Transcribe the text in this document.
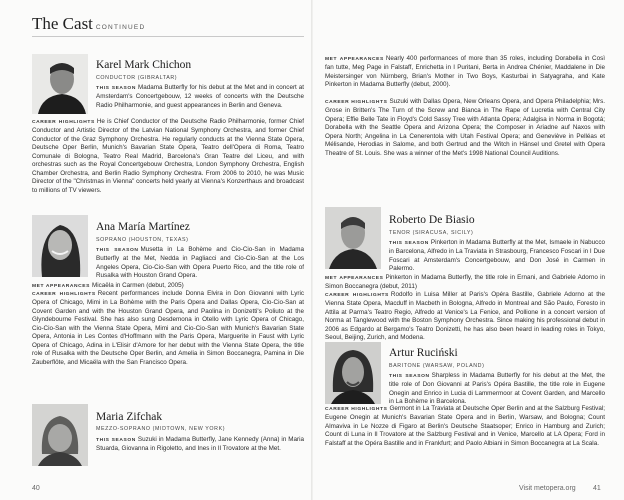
The Cast CONTINUED
Karel Mark Chichon
CONDUCTOR (GIBRALTAR)
THIS SEASON Madama Butterfly for his debut at the Met and in concert at Amsterdam's Concertgebouw, 12 weeks of concerts with the Deutsche Radio Philharmonie, and guest appearances in Berlin and Geneva.
CAREER HIGHLIGHTS He is Chief Conductor of the Deutsche Radio Philharmonie, former Chief Conductor and Artistic Director of the Latvian National Symphony Orchestra, and former Chief Conductor of the Graz Symphony Orchestra. He regularly conducts at the Vienna State Opera, Deutsche Oper Berlin, Munich's Bavarian State Opera, Teatro dell'Opera di Roma, Teatro Comunale di Bologna, Teatro Real Madrid, Barcelona's Gran Teatre del Liceu, and with orchestras such as the Royal Concertgebouw Orchestra, London Symphony Orchestra, English Chamber Orchestra, and Berlin Radio Symphony Orchestra. From 2006 to 2010, he was Music Director of the "Christmas in Vienna" concerts held yearly at Vienna's Konzerthaus and broadcast to millions of TV viewers.
Ana María Martínez
SOPRANO (HOUSTON, TEXAS)
THIS SEASON Musetta in La Bohème and Cio-Cio-San in Madama Butterfly at the Met, Nedda in Pagliacci and Cio-Cio-San at the Los Angeles Opera, Cio-Cio-San with Opera Puerto Rico, and the title role of Rusalka with Houston Grand Opera.
MET APPEARANCES Micaëla in Carmen (debut, 2005)
CAREER HIGHLIGHTS Recent performances include Donna Elvira in Don Giovanni with Lyric Opera of Chicago, Mimi in La Bohème with the Paris Opera and Dallas Opera, Cio-Cio-San at Covent Garden and with the Houston Grand Opera, and Paolina in Donizetti's Poliuto at the Glyndebourne Festival. She has also sung Desdemona in Otello with Lyric Opera of Chicago, Cio-Cio-San with the Vienna State Opera, Mimi and Cio-Cio-San with Munich's Bavarian State Opera, Antonia in Les Contes d'Hoffmann with the Paris Opera, Marguerite in Faust with Lyric Opera of Chicago, Adina in L'Elisir d'Amore for her debut with the Vienna State Opera, the title role of Rusalka with the Deutsche Oper Berlin, and Amelia in Simon Boccanegra, Pamina in Die Zauberflöte, and Micaëla with the San Francisco Opera.
Maria Zifchak
MEZZO-SOPRANO (MIDTOWN, NEW YORK)
THIS SEASON Suzuki in Madama Butterfly, Jane Kennedy (Anna) in Maria Stuarda, Giovanna in Rigoletto, and Ines in Il Trovatore at the Met.
40
MET APPEARANCES Nearly 400 performances of more than 35 roles, including Dorabella in Così fan tutte, Meg Page in Falstaff, Enrichetta in I Puritani, Berta in Andrea Chénier, Maddalene in Die Meistersinger von Nürnberg, Brian's Mother in Two Boys, Kasturbai in Satyagraha, and Kate Pinkerton in Madama Butterfly (debut, 2000).
CAREER HIGHLIGHTS Suzuki with Dallas Opera, New Orleans Opera, and Opera Philadelphia; Mrs. Grose in Britten's The Turn of the Screw and Bianca in The Rape of Lucretia with Central City Opera; Effie Belle Tate in Floyd's Cold Sassy Tree with Atlanta Opera; Adalgisa in Norma in Bogotá; Dorabella with the Seattle Opera and Arizona Opera; the Composer in Ariadne auf Naxos with Opera North; Angelina in La Cenerentola with Utah Festival Opera; and Geneviève in Pelléas et Mélisande, Herodias in Salome, and both Gertrud and the Witch in Hänsel und Gretel with Opera Theatre of St. Louis. She was a winner of the Met's 1998 National Council Auditions.
Roberto De Biasio
TENOR (SIRACUSA, SICILY)
THIS SEASON Pinkerton in Madama Butterfly at the Met, Ismaele in Nabucco in Barcelona, Alfredo in La Traviata in Strasbourg, Francesco Foscari in I Due Foscari at Amsterdam's Concertgebouw, and Don José in Carmen in Palermo.
MET APPEARANCES Pinkerton in Madama Butterfly, the title role in Ernani, and Gabriele Adorno in Simon Boccanegra (debut, 2011)
CAREER HIGHLIGHTS Rodolfo in Luisa Miller at Paris's Opéra Bastille, Gabriele Adorno at the Vienna State Opera, Macduff in Macbeth in Bologna, Alfredo in Montreal and São Paulo, Foresto in Attila at Parma's Teatro Regio, Alfredo at Venice's La Fenice, and Pollione in a concert version of Norma at Tanglewood with the Boston Symphony Orchestra. Since making his professional debut in 2006 as Edgardo at Bergamo's Teatro Donizetti, he has also been heard in leading roles in Tokyo, Seoul, Beijing, Zurich, and Modena.
Artur Ruciński
BARITONE (WARSAW, POLAND)
THIS SEASON Sharpless in Madama Butterfly for his debut at the Met, the title role of Don Giovanni at Paris's Opéra Bastille, the title role in Eugene Onegin and Enrico in Lucia di Lammermoor at Covent Garden, and Marcello in La Bohème in Barcelona.
CAREER HIGHLIGHTS Germont in La Traviata at Deutsche Oper Berlin and at the Salzburg Festival; Eugene Onegin at Munich's Bavarian State Opera and in Berlin, Warsaw, and Bologna; Count Almaviva in Le Nozze di Figaro at Berlin's Deutsche Staatsoper; Enrico in Hamburg and Zurich; Count di Luna in Il Trovatore at the Salzburg Festival and in Venice, Marcello at LA Opera; Ford in Falstaff at the Opéra Bastille and in Frankfurt; and Paolo Albiani in Simon Boccanegra at La Scala.
Visit metopera.org 41
